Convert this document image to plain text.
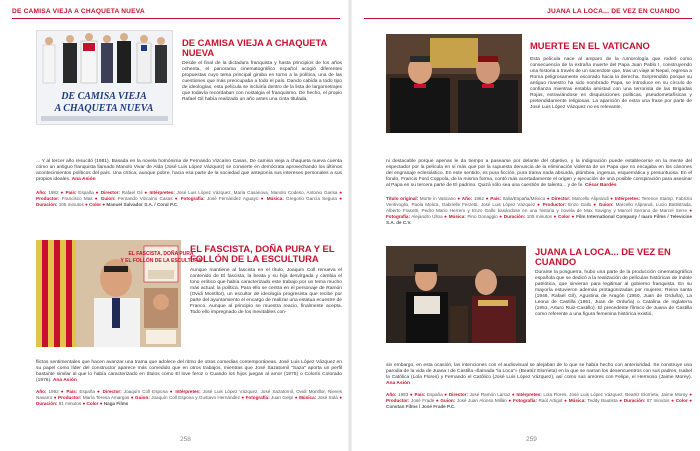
DE CAMISA VIEJA A CHAQUETA NUEVA
DE CAMISA VIEJA
A CHAQUETA NUEVA
DE CAMISA VIEJA A CHAQUETA NUEVA
Desde el final de la dictadura franquista y hasta principios de los años ochenta, el panorama cinematográfico español acogió diferentes propuestas cuyo tema principal giraba en torno a la política, una de las cuestiones que más preocupaba a todo el país. Dando cabida a todo tipo de ideologías, esta película se incluiría dentro de la lista de largometrajes que todavía recordaban con nostalgia el franquismo. De hecho, el propio Rafael Gil había realizado un año antes una cinta titulada,
... Y al tercer año resucitó (1981). Basada en la novela homónima de Fernando Vizcaíno Casas, De camisa vieja a chaqueta nueva cuenta cómo un antiguo franquista llamado Manolo Vivar de Alda (José Luis López Vázquez) se convierte en demócrata aprovechando los últimos acontecimientos políticos del país. Una crítica, aunque pobre, hacia esa parte de la sociedad que anteponía sus intereses personales a sus propios ideales. Ana Asión
Año: 1982 ● País: España ● Director: Rafael Gil ● Intérpretes: José Luis López Vázquez, María Casanova, Manolo Codeso, Antonio Garisa ● Productor: Francisco Mas ● Guion: Fernando Vizcaíno Casas ● Fotografía: José Fernández Aguayo ● Música: Gregorio García Segura ● Duración: 105 minutos ● Color ● Manuel Salvador S.A. / Coral P.C.
EL FASCISTA, DOÑA PURA
Y EL FOLLÓN DE LA ESCULTURA
EL FASCISTA, DOÑA PURA Y EL FOLLÓN DE LA ESCULTURA
Aunque mantiene al fascista en el título, Joaquín Coll renueva el contenido de El fascista, la beata y su hija desvirgada y cambia el tono erótico que había caracterizado este trabajo por un tema mucho más actual: la política. Para ello se centra en el personaje de Ramón (Ovidi Montllor), un escultor de ideología progresista que recibe por parte del ayuntamiento el encargo de realizar una estatua ecuestre de Franco. Aunque al principio se muestra reacio, finalmente acepta. Todo ello impregnado de los inevitables con-
flictos sentimentales que hacen avanzar una trama que adolece del ritmo de otras comedias contemporáneas. José Luis López Vázquez en su papel como líder del constructor aparece más comedido que en otros trabajos, mientras que José Sazatornil "Saza" aporta un perfil bastante similar al que lo había caracterizado en títulos como El love feroz o Cuando los hijos juegan al amor (1975) o Colorín Colorado (1976). Ana Asión
Año: 1982 ● País: España ● Director: Joaquín Coll Espona ● Intérpretes: José Luis López Vázquez, José Sazatornil, Ovidi Montllor, Nieves Navarro ● Productor: María Teresa Amargos ● Guion: Joaquín Coll Espona y Gustavo Hernández ● Fotografía: Juan Gelpí ● Música: José Solá ● Duración: 91 minutos ● Color ● Naga Films
258
JUANA LA LOCA... DE VEZ EN CUANDO
MUERTE EN EL VATICANO
Esta película nace al amparo de la rumorología que rodeó como consecuencia de la extraña muerte del Papa Juan Pablo I, construyendo una historia a través de un sacerdote que, tras un viaje al Nepal, regresa a Roma peligrosamente escorado hacia la derecha. Sorprendido porque su antiguo maestro ha sido nombrado Papa, se introduce en su círculo de confianza mientras entabla amistad con una terrorista de las Brigadas Rojas, extraviándose en disquisiciones políticas, pseudometafísicas y pretendidamente religiosas. La aparición de extra una frase por parte de José Luis López Vázquez no es relevante,
ni destacable porque apenas le da tiempo a pasearse por delante del objetivo, y la indignación puede establecerse en la mente del espectador por la película en sí más que por la supuesta denuncia de la eliminación violenta de un Papa que no encajaba en los cánones del engranaje eclesiástico. En este sentido, es pura ficción, pura trama nada absurda, plúmbea, ingenua, esquemática y presuntuosa. En el fondo, Francis Ford Coppola, de la misma forma, contó más acertadamente el origen y ejecución de una posible conspiración para asesinar al Papa en su tercera parte de El padrino. Quizá sólo sea una cuestión de talento... y de fe. César Bardés
Título original: Morte in Vaticano ● Año: 1982 ● País: Italia/España/México ● Director: Marcello Aliprandi ● Intérpretes: Terence Stamp, Fabrizio Ventivoglio, Paola Molica, Gabrielle Ferzetti, José Luis López Vázquez ● Productor: Enzo Gallo ● Guion: Marcello Aliprandi, Lucio Battistrada, Alberto Frasetti, Pedro Mario Herrero y Enzo Gallo basándose en una historia y novela de Max Savigny y Marcel Serrano de Marcel Serre ● Fotografía: Alejandro Ulloa ● Música: Pino Donaggio ● Duración: 105 minutos ● Color ● Film International Company / Iaaro Films / Televicine S.A. de C.V.
JUANA LA LOCA... DE VEZ EN CUANDO
Durante la posguerra, hubo una parte de la producción cinematográfica española que se dedicó a la realización de películas históricas de índole patriótica, que sirvieran para legitimar al gobierno franquista. En su mayoría estuvieron además protagonizadas por mujeres: Reina santa (1946, Rafael Gil), Agustina de Aragón (1950, Juan de Orduña), La Leona de Castilla (1951, Juan de Orduña) o Catalina de Inglaterra (1951, Arturo Ruiz-Castillo). El precedente fílmico de Juana de Castilla como referente a una figura femenina histórica existió,
sin embargo, en esta ocasión, las intenciones con el audiovisual se alejaban de lo que se había hecho con anterioridad. Se construye una parodia de la vida de Juana I de Castilla «llamada "la Loca"» (Beatriz Elorrieta) en la que se narran los desencuentros con sus padres, Isabel la Católica (Lola Flores) y Fernando el Católico (José Luis López Vázquez), así como sus amores con Felipe, el Hermoso (Jaime Morey). Ana Asión
Año: 1983 ● País: España ● Director: José Ramón Larraz ● Intérpretes: Lola Flores, José Luis López Vázquez, Beatriz Elorrieta, Jaime Morey ● Productor: José Frade ● Guion: José Juan Alonso Millán ● Fotografía: Raúl Artigot ● Música: Teddy Bautista ● Duración: 87 minutos ● Color ● Constan Films / José Frade P.C.
259
